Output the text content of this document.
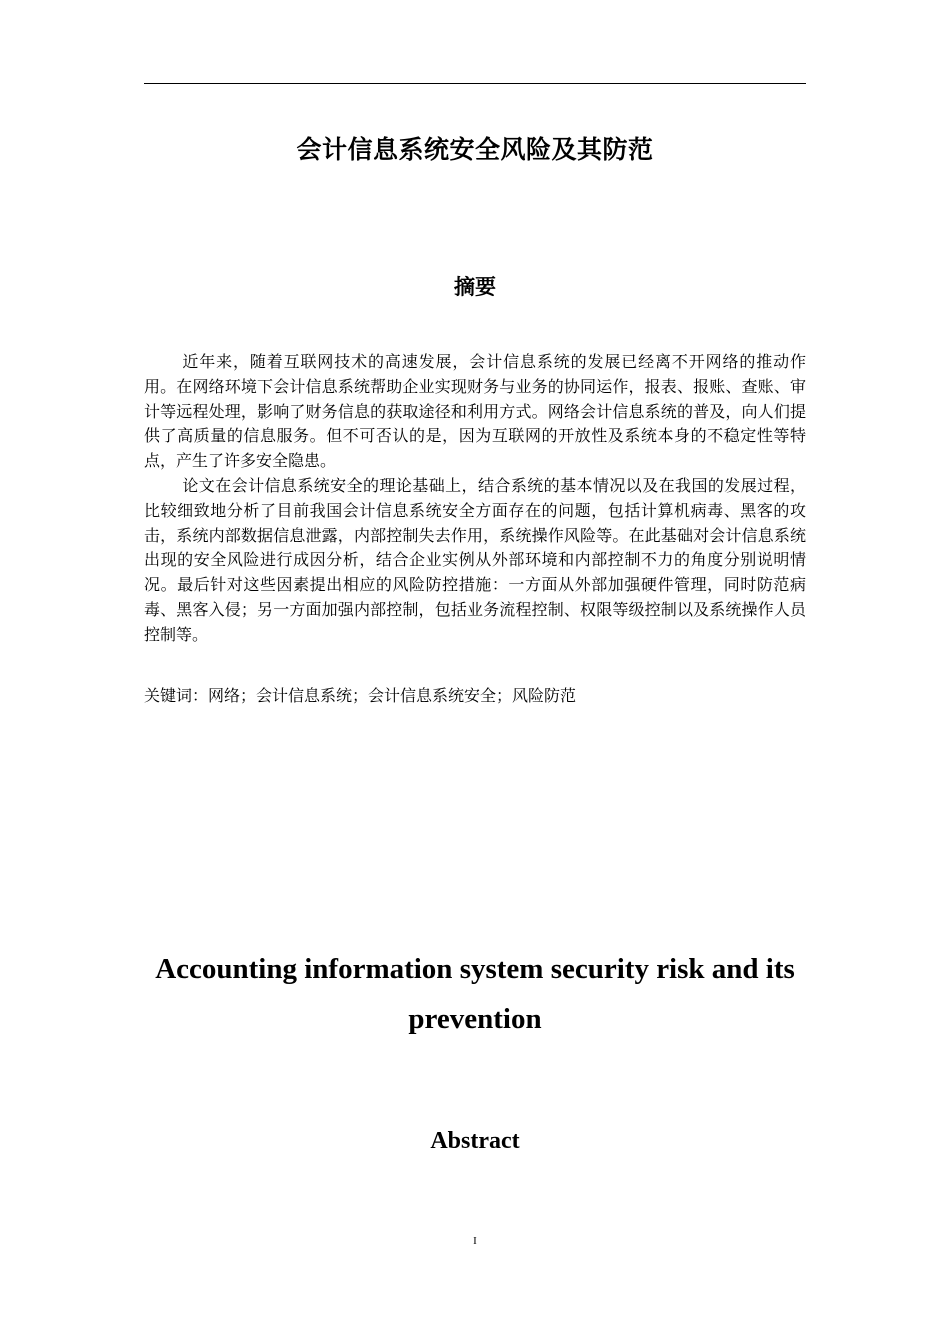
会计信息系统安全风险及其防范
摘要

近年来，随着互联网技术的高速发展，会计信息系统的发展已经离不开网络的推动作用。在网络环境下会计信息系统帮助企业实现财务与业务的协同运作，报表、报账、查账、审计等远程处理，影响了财务信息的获取途径和利用方式。网络会计信息系统的普及，向人们提供了高质量的信息服务。但不可否认的是，因为互联网的开放性及系统本身的不稳定性等特点，产生了许多安全隐患。

论文在会计信息系统安全的理论基础上，结合系统的基本情况以及在我国的发展过程，比较细致地分析了目前我国会计信息系统安全方面存在的问题，包括计算机病毒、黑客的攻击，系统内部数据信息泄露，内部控制失去作用，系统操作风险等。在此基础对会计信息系统出现的安全风险进行成因分析，结合企业实例从外部环境和内部控制不力的角度分别说明情况。最后针对这些因素提出相应的风险防控措施：一方面从外部加强硬件管理，同时防范病毒、黑客入侵；另一方面加强内部控制，包括业务流程控制、权限等级控制以及系统操作人员控制等。

关键词：网络；会计信息系统；会计信息系统安全；风险防范
Accounting information system security risk and its prevention
Abstract
I
